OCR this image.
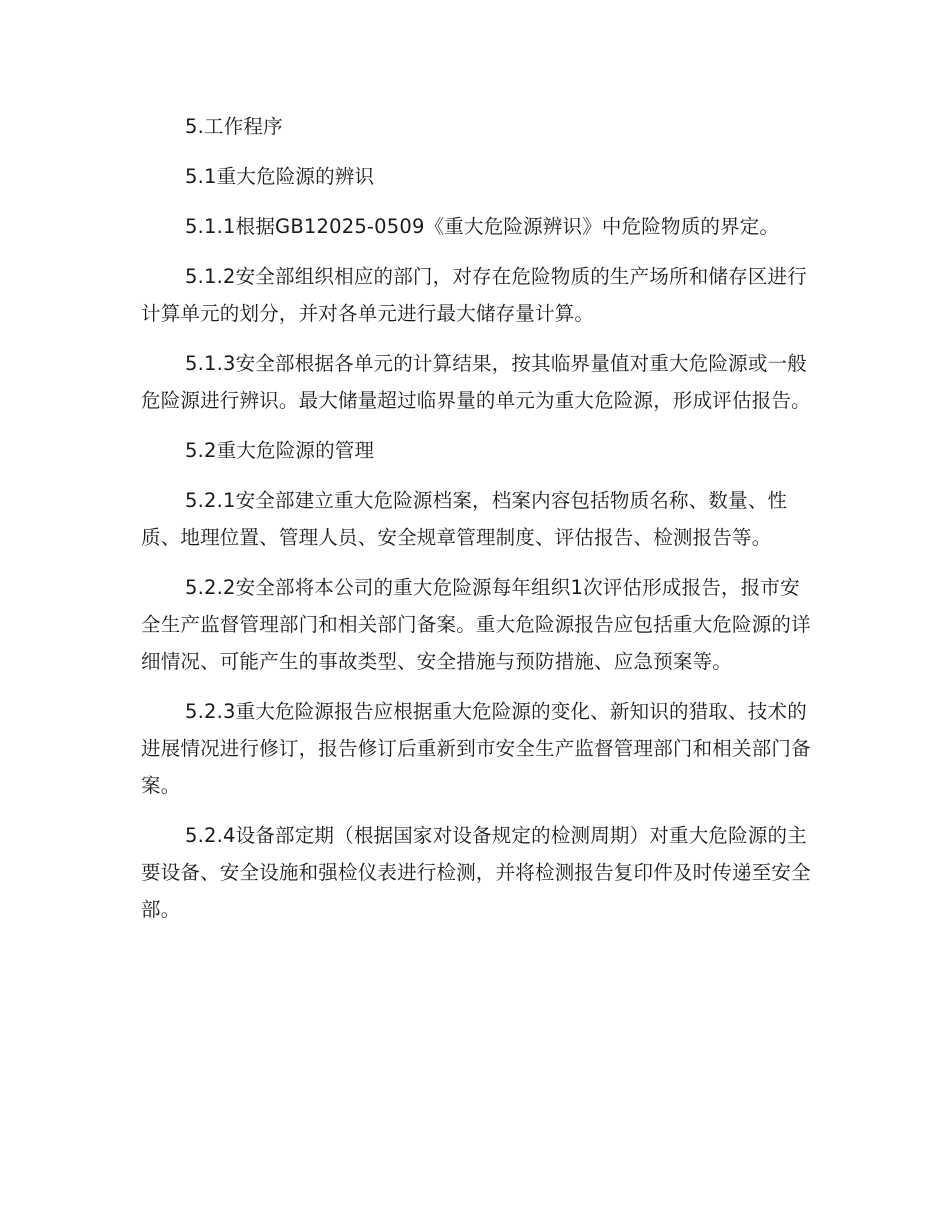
5.工作程序

5.1重大危险源的辨识

5.1.1根据GB12025-0509《重大危险源辨识》中危险物质的界定。

5.1.2安全部组织相应的部门，对存在危险物质的生产场所和储存区进行计算单元的划分，并对各单元进行最大储存量计算。

5.1.3安全部根据各单元的计算结果，按其临界量值对重大危险源或一般危险源进行辨识。最大储量超过临界量的单元为重大危险源，形成评估报告。

5.2重大危险源的管理

5.2.1安全部建立重大危险源档案，档案内容包括物质名称、数量、性质、地理位置、管理人员、安全规章管理制度、评估报告、检测报告等。

5.2.2安全部将本公司的重大危险源每年组织1次评估形成报告，报市安全生产监督管理部门和相关部门备案。重大危险源报告应包括重大危险源的详细情况、可能产生的事故类型、安全措施与预防措施、应急预案等。

5.2.3重大危险源报告应根据重大危险源的变化、新知识的猎取、技术的进展情况进行修订，报告修订后重新到市安全生产监督管理部门和相关部门备案。

5.2.4设备部定期（根据国家对设备规定的检测周期）对重大危险源的主要设备、安全设施和强检仪表进行检测，并将检测报告复印件及时传递至安全部。
